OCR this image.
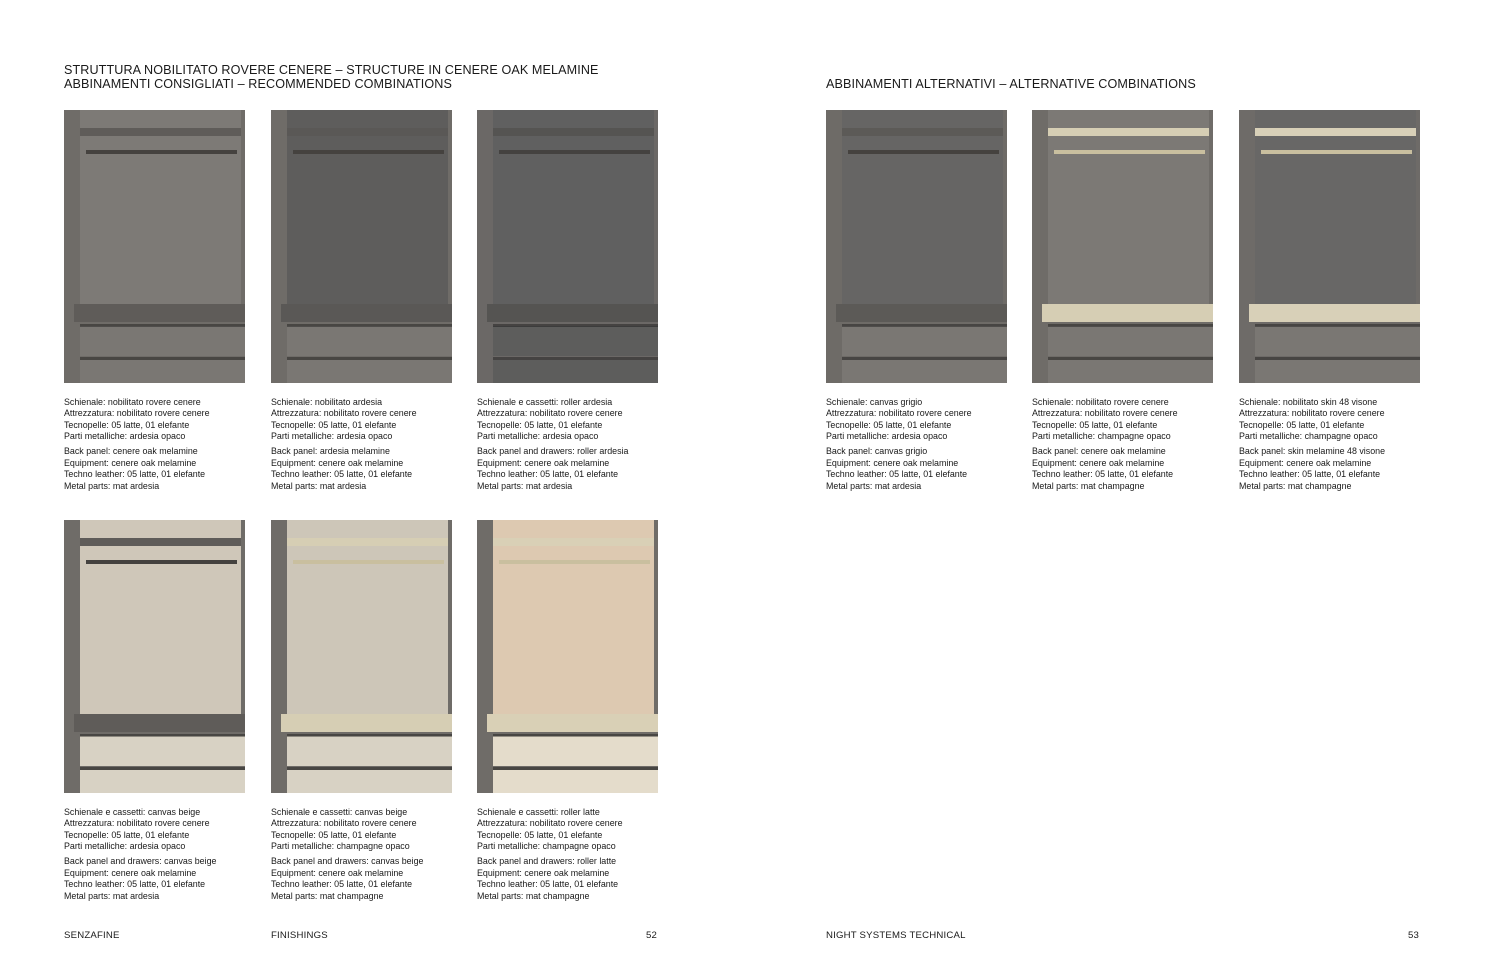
STRUTTURA NOBILITATO ROVERE CENERE – STRUCTURE IN CENERE OAK MELAMINE
ABBINAMENTI CONSIGLIATI – RECOMMENDED COMBINATIONS	ABBINAMENTI ALTERNATIVI – ALTERNATIVE COMBINATIONS
Schienale: nobilitato rovere cenere
Attrezzatura: nobilitato rovere cenere
Tecnopelle: 05 latte, 01 elefante
Parti metalliche: ardesia opaco
Back panel: cenere oak melamine
Equipment: cenere oak melamine
Techno leather: 05 latte, 01 elefante
Metal parts: mat ardesia
Schienale: nobilitato ardesia
Attrezzatura: nobilitato rovere cenere
Tecnopelle: 05 latte, 01 elefante
Parti metalliche: ardesia opaco
Back panel: ardesia melamine
Equipment: cenere oak melamine
Techno leather: 05 latte, 01 elefante
Metal parts: mat ardesia
Schienale e cassetti: roller ardesia
Attrezzatura: nobilitato rovere cenere
Tecnopelle: 05 latte, 01 elefante
Parti metalliche: ardesia opaco
Back panel and drawers: roller ardesia
Equipment: cenere oak melamine
Techno leather: 05 latte, 01 elefante
Metal parts: mat ardesia
Schienale: canvas grigio
Attrezzatura: nobilitato rovere cenere
Tecnopelle: 05 latte, 01 elefante
Parti metalliche: ardesia opaco
Back panel: canvas grigio
Equipment: cenere oak melamine
Techno leather: 05 latte, 01 elefante
Metal parts: mat ardesia
Schienale: nobilitato rovere cenere
Attrezzatura: nobilitato rovere cenere
Tecnopelle: 05 latte, 01 elefante
Parti metalliche: champagne opaco
Back panel: cenere oak melamine
Equipment: cenere oak melamine
Techno leather: 05 latte, 01 elefante
Metal parts: mat champagne
Schienale: nobilitato skin 48 visone
Attrezzatura: nobilitato rovere cenere
Tecnopelle: 05 latte, 01 elefante
Parti metalliche: champagne opaco
Back panel: skin melamine 48 visone
Equipment: cenere oak melamine
Techno leather: 05 latte, 01 elefante
Metal parts: mat champagne
Schienale e cassetti: canvas beige
Attrezzatura: nobilitato rovere cenere
Tecnopelle: 05 latte, 01 elefante
Parti metalliche: ardesia opaco
Back panel and drawers: canvas beige
Equipment: cenere oak melamine
Techno leather: 05 latte, 01 elefante
Metal parts: mat ardesia
Schienale e cassetti: canvas beige
Attrezzatura: nobilitato rovere cenere
Tecnopelle: 05 latte, 01 elefante
Parti metalliche: champagne opaco
Back panel and drawers: canvas beige
Equipment: cenere oak melamine
Techno leather: 05 latte, 01 elefante
Metal parts: mat champagne
Schienale e cassetti: roller latte
Attrezzatura: nobilitato rovere cenere
Tecnopelle: 05 latte, 01 elefante
Parti metalliche: champagne opaco
Back panel and drawers: roller latte
Equipment: cenere oak melamine
Techno leather: 05 latte, 01 elefante
Metal parts: mat champagne
SENZAFINE	FINISHINGS	52	NIGHT SYSTEMS TECHNICAL	53
